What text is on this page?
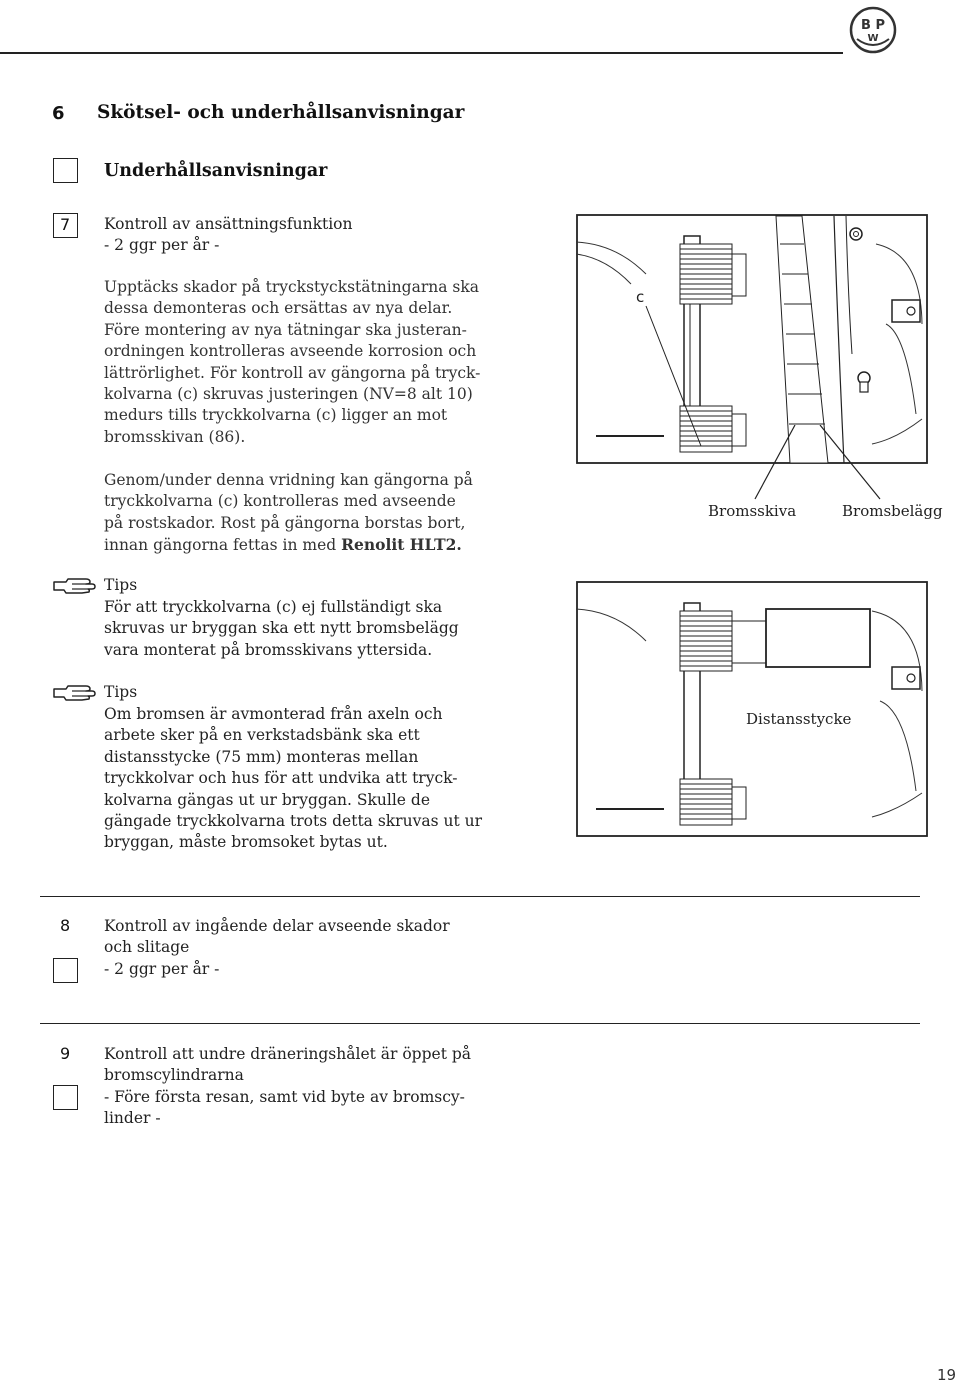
B P
W
6 Skötsel- och underhållsanvisningar
Underhållsanvisningar
7 Kontroll av ansättningsfunktion
- 2 ggr per år -
Upptäcks skador på tryckstyckstätningarna ska
dessa demonteras och ersättas av nya delar.
Före montering av nya tätningar ska justeran-
ordningen kontrolleras avseende korrosion och
lättrörlighet. För kontroll av gängorna på tryck-
kolvarna (c) skruvas justeringen (NV=8 alt 10)
medurs tills tryckkolvarna (c) ligger an mot
bromsskivan (86).
Genom/under denna vridning kan gängorna på
tryckkolvarna (c) kontrolleras med avseende
på rostskador. Rost på gängorna borstas bort,
innan gängorna fettas in med Renolit HLT2.
Tips
För att tryckkolvarna (c) ej fullständigt ska
skruvas ur bryggan ska ett nytt bromsbelägg
vara monterat på bromsskivans yttersida.
Tips
Om bromsen är avmonterad från axeln och
arbete sker på en verkstadsbänk ska ett
distansstycke (75 mm) monteras mellan
tryckkolvar och hus för att undvika att tryck-
kolvarna gängas ut ur bryggan. Skulle de
gängade tryckkolvarna trots detta skruvas ut ur
bryggan, måste bromsoket bytas ut.
c
Bromsskiva	Bromsbelägg
Distansstycke
8 Kontroll av ingående delar avseende skador
och slitage
- 2 ggr per år -
9 Kontroll att undre dräneringshålet är öppet på
bromscylindrarna
- Före första resan, samt vid byte av bromscy-
linder -
19
